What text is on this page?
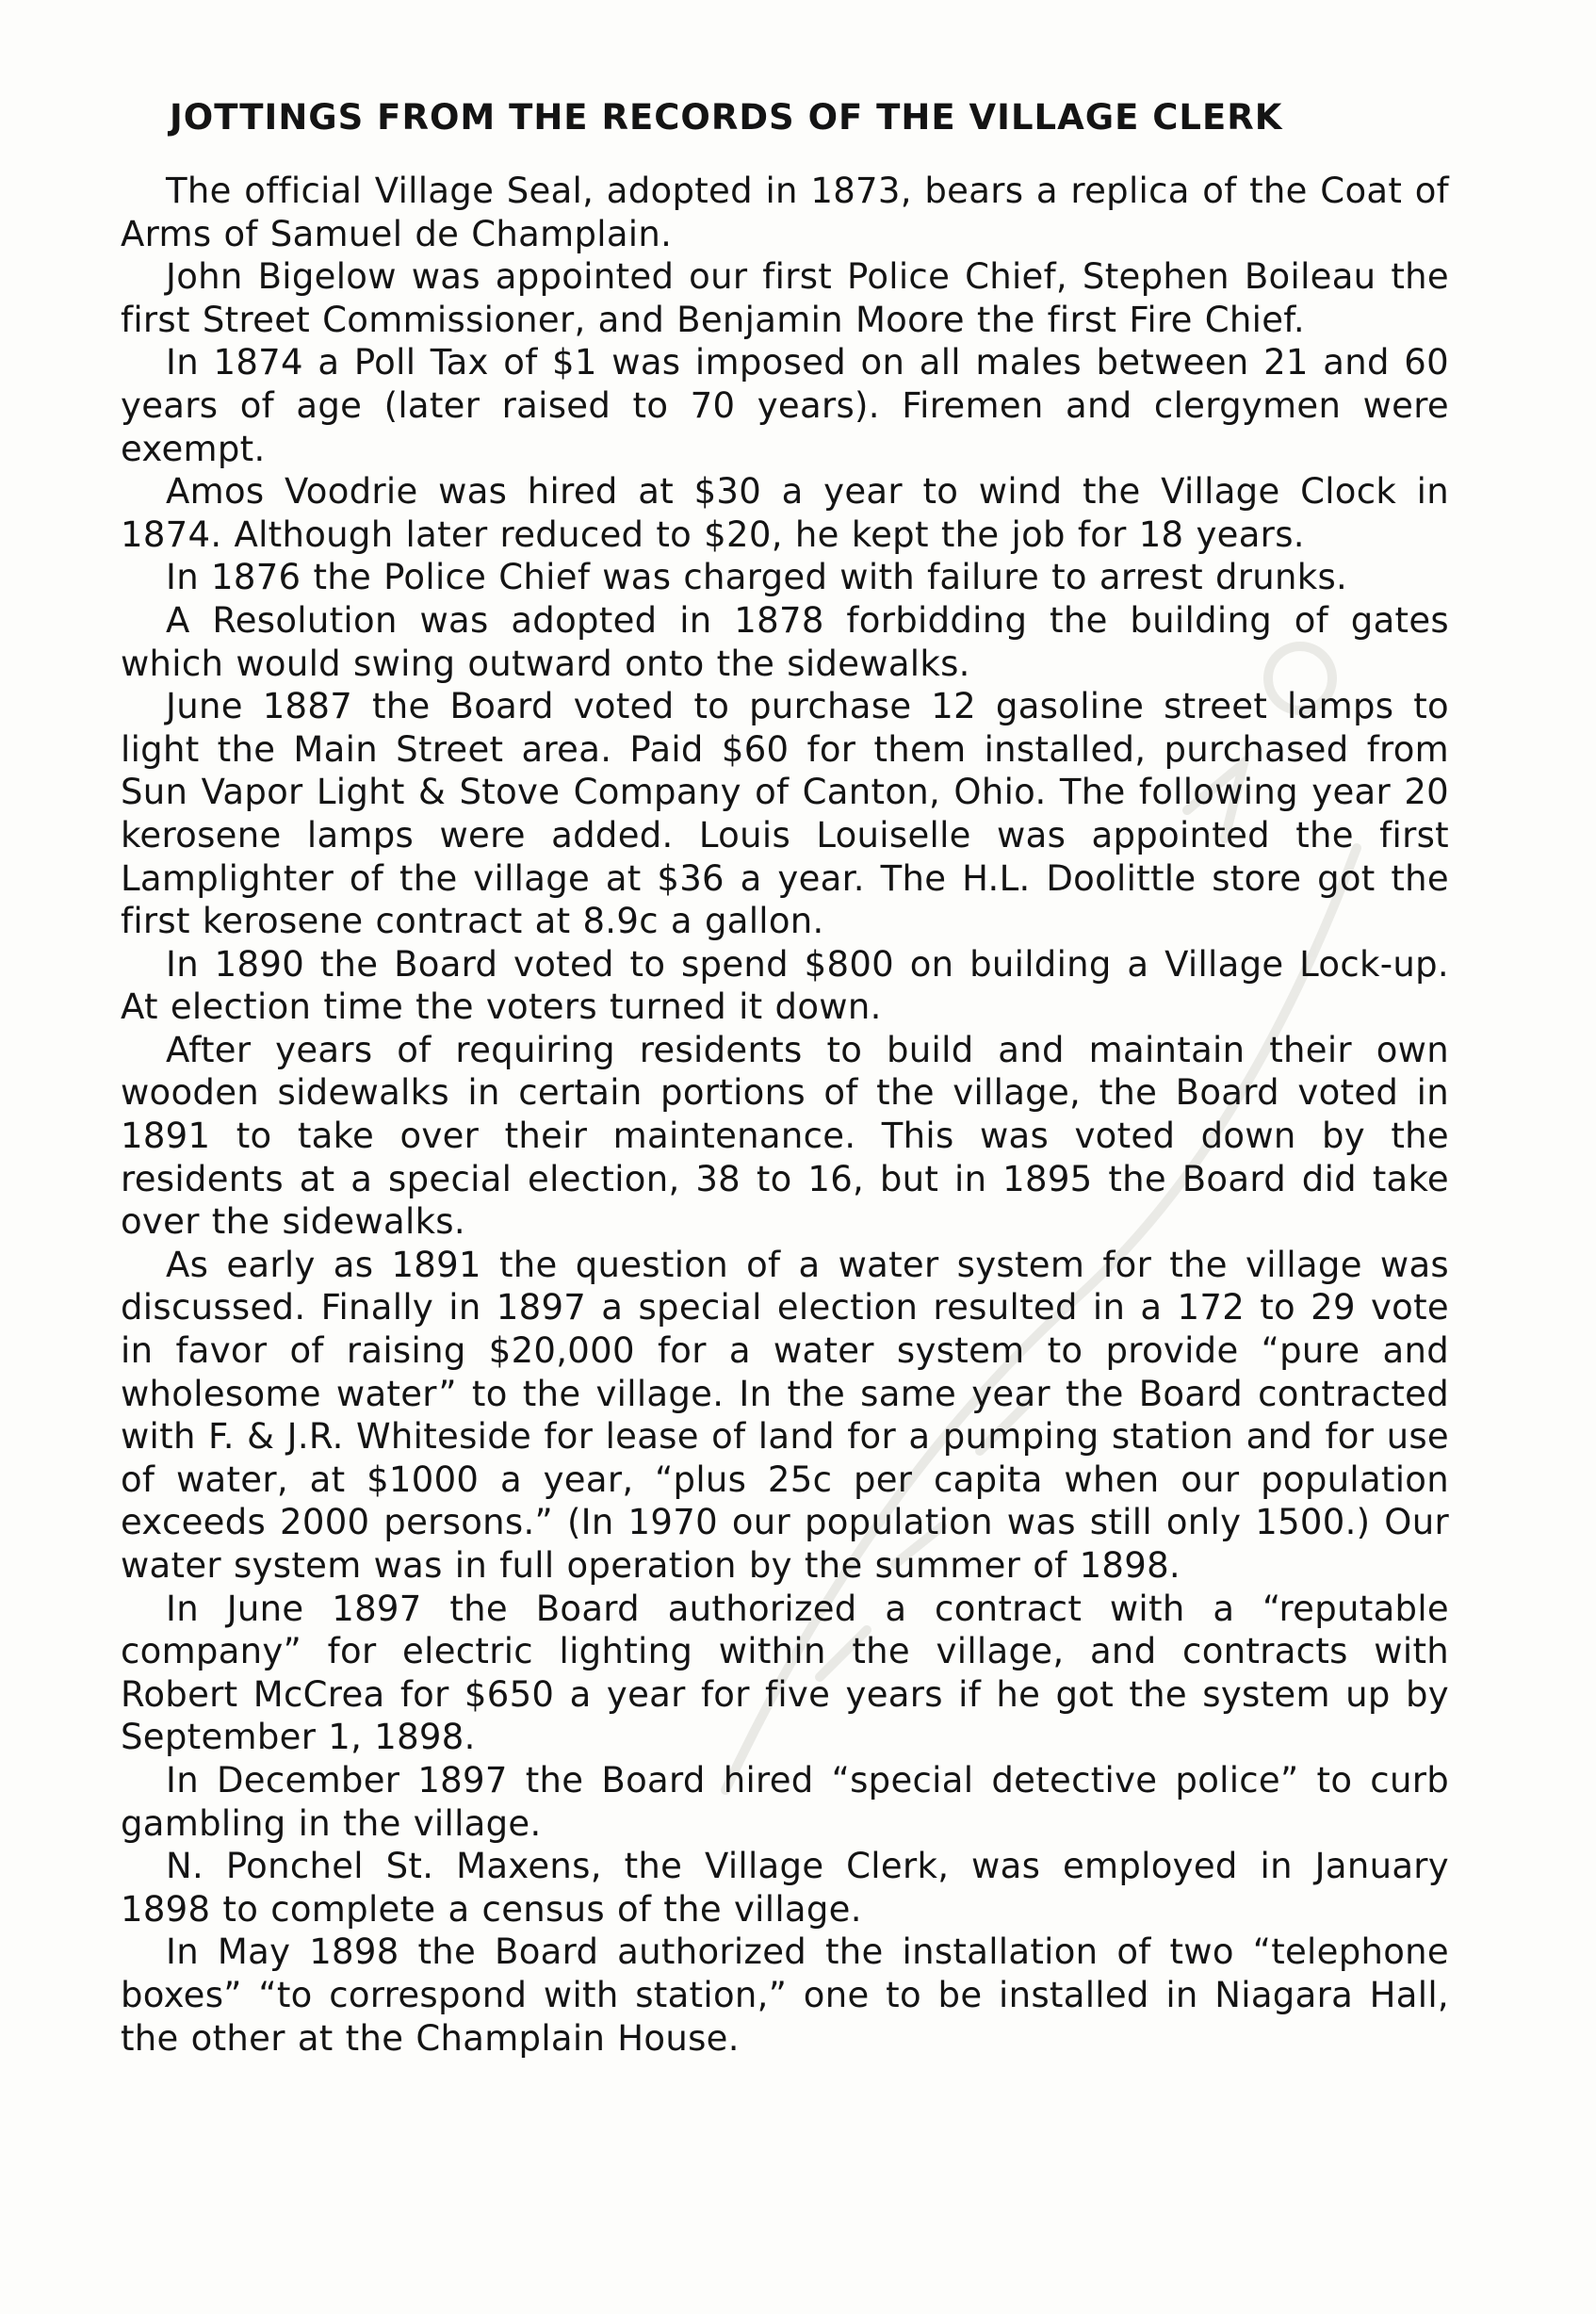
JOTTINGS FROM THE RECORDS OF THE VILLAGE CLERK

The official Village Seal, adopted in 1873, bears a replica of the Coat of Arms of Samuel de Champlain.

John Bigelow was appointed our first Police Chief, Stephen Boileau the first Street Commissioner, and Benjamin Moore the first Fire Chief.

In 1874 a Poll Tax of $1 was imposed on all males between 21 and 60 years of age (later raised to 70 years). Firemen and clergymen were exempt.

Amos Voodrie was hired at $30 a year to wind the Village Clock in 1874. Although later reduced to $20, he kept the job for 18 years.

In 1876 the Police Chief was charged with failure to arrest drunks.

A Resolution was adopted in 1878 forbidding the building of gates which would swing outward onto the sidewalks.

June 1887 the Board voted to purchase 12 gasoline street lamps to light the Main Street area. Paid $60 for them installed, purchased from Sun Vapor Light & Stove Company of Canton, Ohio. The following year 20 kerosene lamps were added. Louis Louiselle was appointed the first Lamplighter of the village at $36 a year. The H.L. Doolittle store got the first kerosene contract at 8.9c a gallon.

In 1890 the Board voted to spend $800 on building a Village Lock-up. At election time the voters turned it down.

After years of requiring residents to build and maintain their own wooden sidewalks in certain portions of the village, the Board voted in 1891 to take over their maintenance. This was voted down by the residents at a special election, 38 to 16, but in 1895 the Board did take over the sidewalks.

As early as 1891 the question of a water system for the village was discussed. Finally in 1897 a special election resulted in a 172 to 29 vote in favor of raising $20,000 for a water system to provide “pure and wholesome water” to the village. In the same year the Board contracted with F. & J.R. Whiteside for lease of land for a pumping station and for use of water, at $1000 a year, “plus 25c per capita when our population exceeds 2000 persons.” (In 1970 our population was still only 1500.) Our water system was in full operation by the summer of 1898.

In June 1897 the Board authorized a contract with a “reputable company” for electric lighting within the village, and contracts with Robert McCrea for $650 a year for five years if he got the system up by September 1, 1898.

In December 1897 the Board hired “special detective police” to curb gambling in the village.

N. Ponchel St. Maxens, the Village Clerk, was employed in January 1898 to complete a census of the village.

In May 1898 the Board authorized the installation of two “telephone boxes” “to correspond with station,” one to be installed in Niagara Hall, the other at the Champlain House.
